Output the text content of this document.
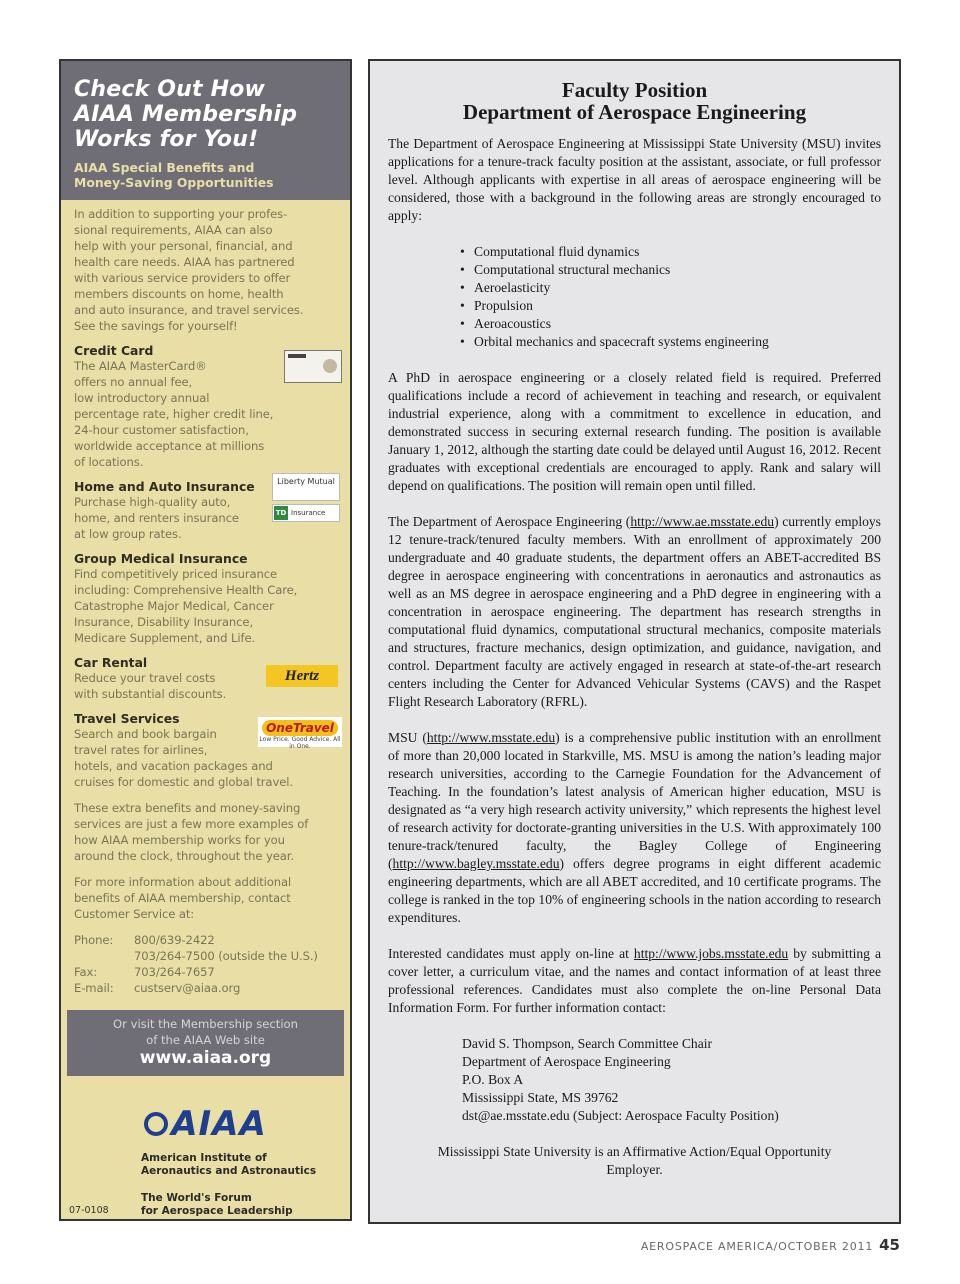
Check Out How
AIAA Membership
Works for You!
AIAA Special Benefits and
Money-Saving Opportunities
In addition to supporting your profes-
sional requirements, AIAA can also
help with your personal, financial, and
health care needs. AIAA has partnered
with various service providers to offer
members discounts on home, health
and auto insurance, and travel services.
See the savings for yourself!
Credit Card
The AIAA MasterCard®
offers no annual fee,
low introductory annual
percentage rate, higher credit line,
24-hour customer satisfaction,
worldwide acceptance at millions
of locations.
Home and Auto Insurance
Purchase high-quality auto,
home, and renters insurance
at low group rates.
Liberty Mutual
TD Insurance
Group Medical Insurance
Find competitively priced insurance
including: Comprehensive Health Care,
Catastrophe Major Medical, Cancer
Insurance, Disability Insurance,
Medicare Supplement, and Life.
Car Rental
Reduce your travel costs
with substantial discounts.
Hertz
Travel Services
Search and book bargain
travel rates for airlines,
hotels, and vacation packages and
cruises for domestic and global travel.
OneTravel
Low Price. Good Advice. All in One.
These extra benefits and money-saving
services are just a few more examples of
how AIAA membership works for you
around the clock, throughout the year.
For more information about additional
benefits of AIAA membership, contact
Customer Service at:
Phone:	800/639-2422
703/264-7500 (outside the U.S.)
Fax:	703/264-7657
E-mail:	custserv@aiaa.org
Or visit the Membership section
of the AIAA Web site
www.aiaa.org
AIAA
American Institute of
Aeronautics and Astronautics
The World's Forum
for Aerospace Leadership
07-0108
Faculty Position
Department of Aerospace Engineering

The Department of Aerospace Engineering at Mississippi State University (MSU) invites applications for a tenure-track faculty position at the assistant, associate, or full professor level. Although applicants with expertise in all areas of aerospace engineering will be considered, those with a background in the following areas are strongly encouraged to apply:

• Computational fluid dynamics
• Computational structural mechanics
• Aeroelasticity
• Propulsion
• Aeroacoustics
• Orbital mechanics and spacecraft systems engineering

A PhD in aerospace engineering or a closely related field is required. Preferred qualifications include a record of achievement in teaching and research, or equivalent industrial experience, along with a commitment to excellence in education, and demonstrated success in securing external research funding. The position is available January 1, 2012, although the starting date could be delayed until August 16, 2012. Recent graduates with exceptional credentials are encouraged to apply. Rank and salary will depend on qualifications. The position will remain open until filled.

The Department of Aerospace Engineering (http://www.ae.msstate.edu) currently employs 12 tenure-track/tenured faculty members. With an enrollment of approximately 200 undergraduate and 40 graduate students, the department offers an ABET-accredited BS degree in aerospace engineering with concentrations in aeronautics and astronautics as well as an MS degree in aerospace engineering and a PhD degree in engineering with a concentration in aerospace engineering. The department has research strengths in computational fluid dynamics, computational structural mechanics, composite materials and structures, fracture mechanics, design optimization, and guidance, navigation, and control. Department faculty are actively engaged in research at state-of-the-art research centers including the Center for Advanced Vehicular Systems (CAVS) and the Raspet Flight Research Laboratory (RFRL).

MSU (http://www.msstate.edu) is a comprehensive public institution with an enrollment of more than 20,000 located in Starkville, MS. MSU is among the nation’s leading major research universities, according to the Carnegie Foundation for the Advancement of Teaching. In the foundation’s latest analysis of American higher education, MSU is designated as “a very high research activity university,” which represents the highest level of research activity for doctorate-granting universities in the U.S. With approximately 100 tenure-track/tenured faculty, the Bagley College of Engineering (http://www.bagley.msstate.edu) offers degree programs in eight different academic engineering departments, which are all ABET accredited, and 10 certificate programs. The college is ranked in the top 10% of engineering schools in the nation according to research expenditures.

Interested candidates must apply on-line at http://www.jobs.msstate.edu by submitting a cover letter, a curriculum vitae, and the names and contact information of at least three professional references. Candidates must also complete the on-line Personal Data Information Form. For further information contact:

David S. Thompson, Search Committee Chair
Department of Aerospace Engineering
P.O. Box A
Mississippi State, MS 39762
dst@ae.msstate.edu (Subject: Aerospace Faculty Position)
Mississippi State University is an Affirmative Action/Equal Opportunity Employer.
AEROSPACE AMERICA/OCTOBER 2011 45
